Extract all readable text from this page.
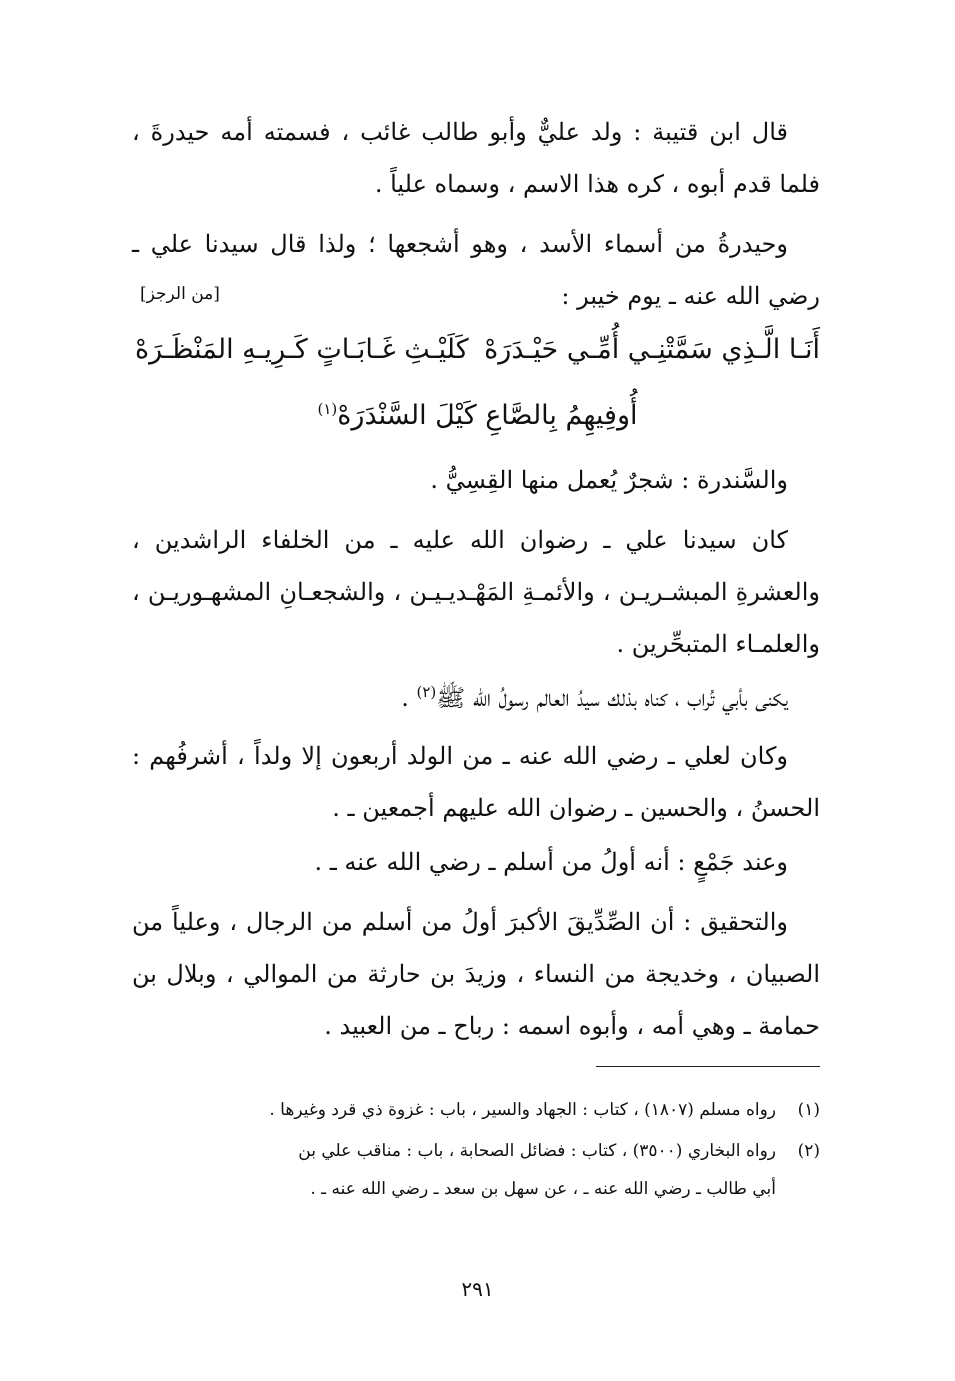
قال ابن قتيبة : ولد عليٌّ وأبو طالب غائب ، فسمته أمه حيدرةَ ، فلما قدم أبوه ، كره هذا الاسم ، وسماه علياً .

وحيدرةُ من أسماء الأسد ، وهو أشجعها ؛ ولذا قال سيدنا علي ـ رضي الله عنه ـ يوم خيبر :

[من الرجز]
أَنَـا الَّـذِي سَمَّتْنِـي أُمِّـي حَيْـدَرَهْ
كَلَيْـثِ غَـابَـاتٍ كَـرِيـهِ المَنْظَـرَهْ
أُوفِيهِمُ بِالصَّاعِ كَيْلَ السَّنْدَرَهْ$^{(١)}$

والسَّندرة : شجرٌ يُعمل منها القِسِيُّ .

كان سيدنا علي ـ رضوان الله عليه ـ من الخلفاء الراشدين ، والعشرةِ المبشـريـن ، والأئمـةِ المَهْـديـيـن ، والشجعـانِ المشهـوريـن ، والعلمـاء المتبحِّرين .

يكنى بأبي تُراب ، كناه بذلك سيدُ العالم رسولُ الله ﷺ$^{(٢)}$ .

وكان لعلي ـ رضي الله عنه ـ من الولد أربعون إلا ولداً ، أشرفُهم : الحسنُ ، والحسين ـ رضوان الله عليهم أجمعين ـ .

وعند جَمْعٍ : أنه أولُ من أسلم ـ رضي الله عنه ـ .

والتحقيق : أن الصِّدِّيقَ الأكبرَ أولُ من أسلم من الرجال ، وعلياً من الصبيان ، وخديجة من النساء ، وزيدَ بن حارثة من الموالي ، وبلال بن حمامة ـ وهي أمه ، وأبوه اسمه : رباح ـ من العبيد .

(١)رواه مسلم (١٨٠٧) ، كتاب : الجهاد والسير ، باب : غزوة ذي قرد وغيرها .

(٢)رواه البخاري (٣٥٠٠) ، كتاب : فضائل الصحابة ، باب : مناقب علي بن

أبي طالب ـ رضي الله عنه ـ ، عن سهل بن سعد ـ رضي الله عنه ـ .

٢٩١
